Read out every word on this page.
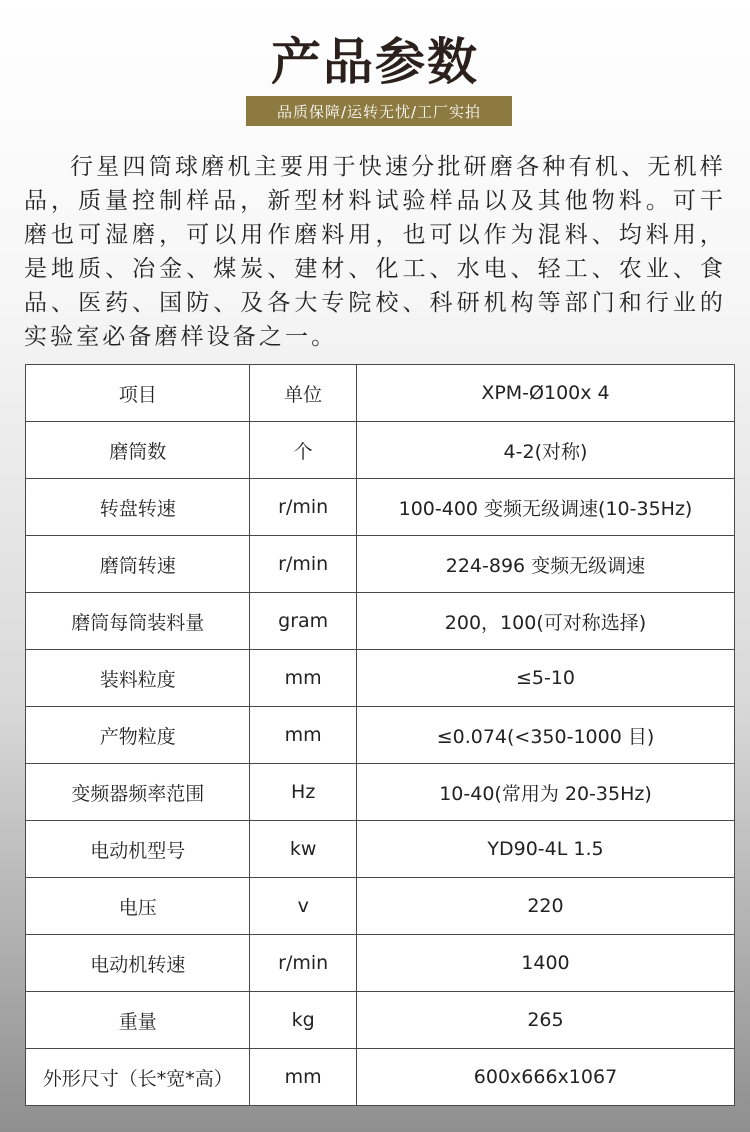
产品参数
品质保障/运转无忧/工厂实拍

行星四筒球磨机主要用于快速分批研磨各种有机、无机样品，质量控制样品，新型材料试验样品以及其他物料。可干磨也可湿磨，可以用作磨料用，也可以作为混料、均料用，是地质、冶金、煤炭、建材、化工、水电、轻工、农业、食品、医药、国防、及各大专院校、科研机构等部门和行业的实验室必备磨样设备之一。

项目	单位	XPM-Ø100x 4
磨筒数	个	4-2(对称)
转盘转速	r/min	100-400 变频无级调速(10-35Hz)
磨筒转速	r/min	224-896 变频无级调速
磨筒每筒装料量	gram	200，100(可对称选择)
装料粒度	mm	≤5-10
产物粒度	mm	≤0.074(<350-1000 目)
变频器频率范围	Hz	10-40(常用为 20-35Hz)
电动机型号	kw	YD90-4L 1.5
电压	v	220
电动机转速	r/min	1400
重量	kg	265
外形尺寸（长*宽*高）	mm	600x666x1067
